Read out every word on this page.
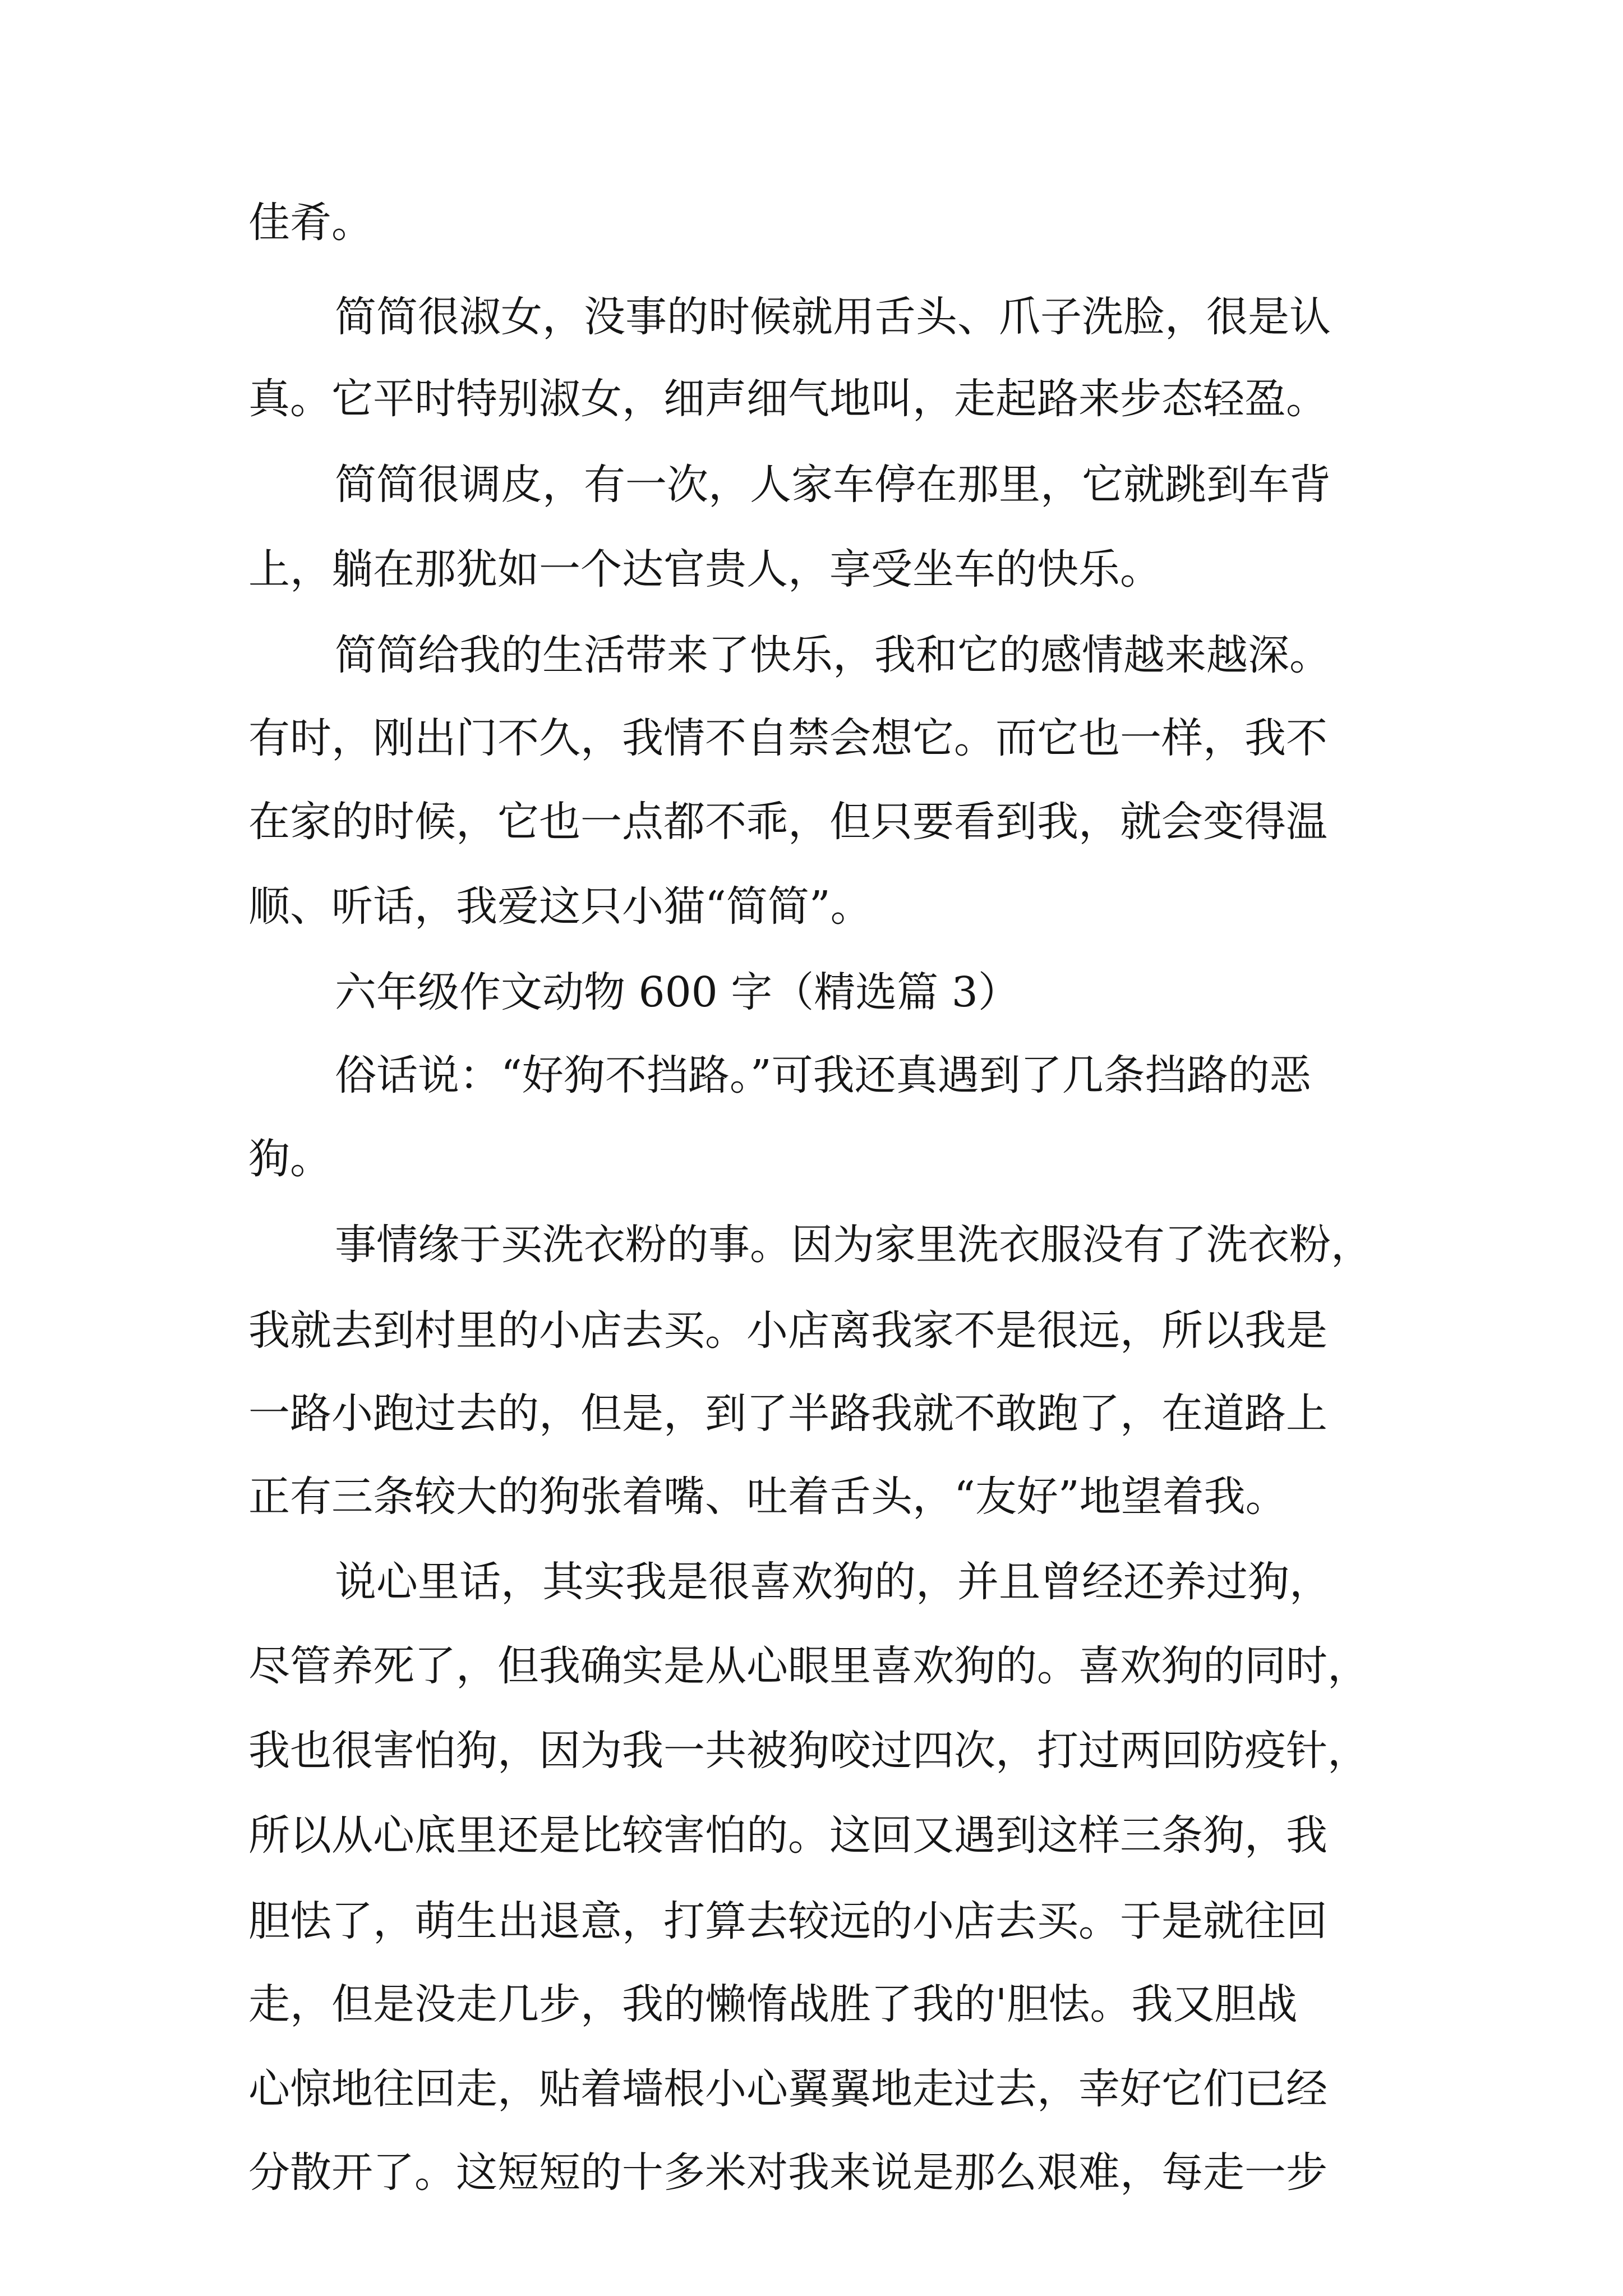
佳肴。
简简很淑女，没事的时候就用舌头、爪子洗脸，很是认
真。它平时特别淑女，细声细气地叫，走起路来步态轻盈。
简简很调皮，有一次，人家车停在那里，它就跳到车背
上，躺在那犹如一个达官贵人，享受坐车的快乐。
简简给我的生活带来了快乐，我和它的感情越来越深。
有时，刚出门不久，我情不自禁会想它。而它也一样，我不
在家的时候，它也一点都不乖，但只要看到我，就会变得温
顺、听话，我爱这只小猫“简简”。
六年级作文动物 600 字（精选篇 3）
俗话说：“好狗不挡路。”可我还真遇到了几条挡路的恶
狗。
事情缘于买洗衣粉的事。因为家里洗衣服没有了洗衣粉，
我就去到村里的小店去买。小店离我家不是很远，所以我是
一路小跑过去的，但是，到了半路我就不敢跑了，在道路上
正有三条较大的狗张着嘴、吐着舌头，“友好”地望着我。
说心里话，其实我是很喜欢狗的，并且曾经还养过狗，
尽管养死了，但我确实是从心眼里喜欢狗的。喜欢狗的同时，
我也很害怕狗，因为我一共被狗咬过四次，打过两回防疫针，
所以从心底里还是比较害怕的。这回又遇到这样三条狗，我
胆怯了，萌生出退意，打算去较远的小店去买。于是就往回
走，但是没走几步，我的懒惰战胜了我的'胆怯。我又胆战
心惊地往回走，贴着墙根小心翼翼地走过去，幸好它们已经
分散开了。这短短的十多米对我来说是那么艰难，每走一步
